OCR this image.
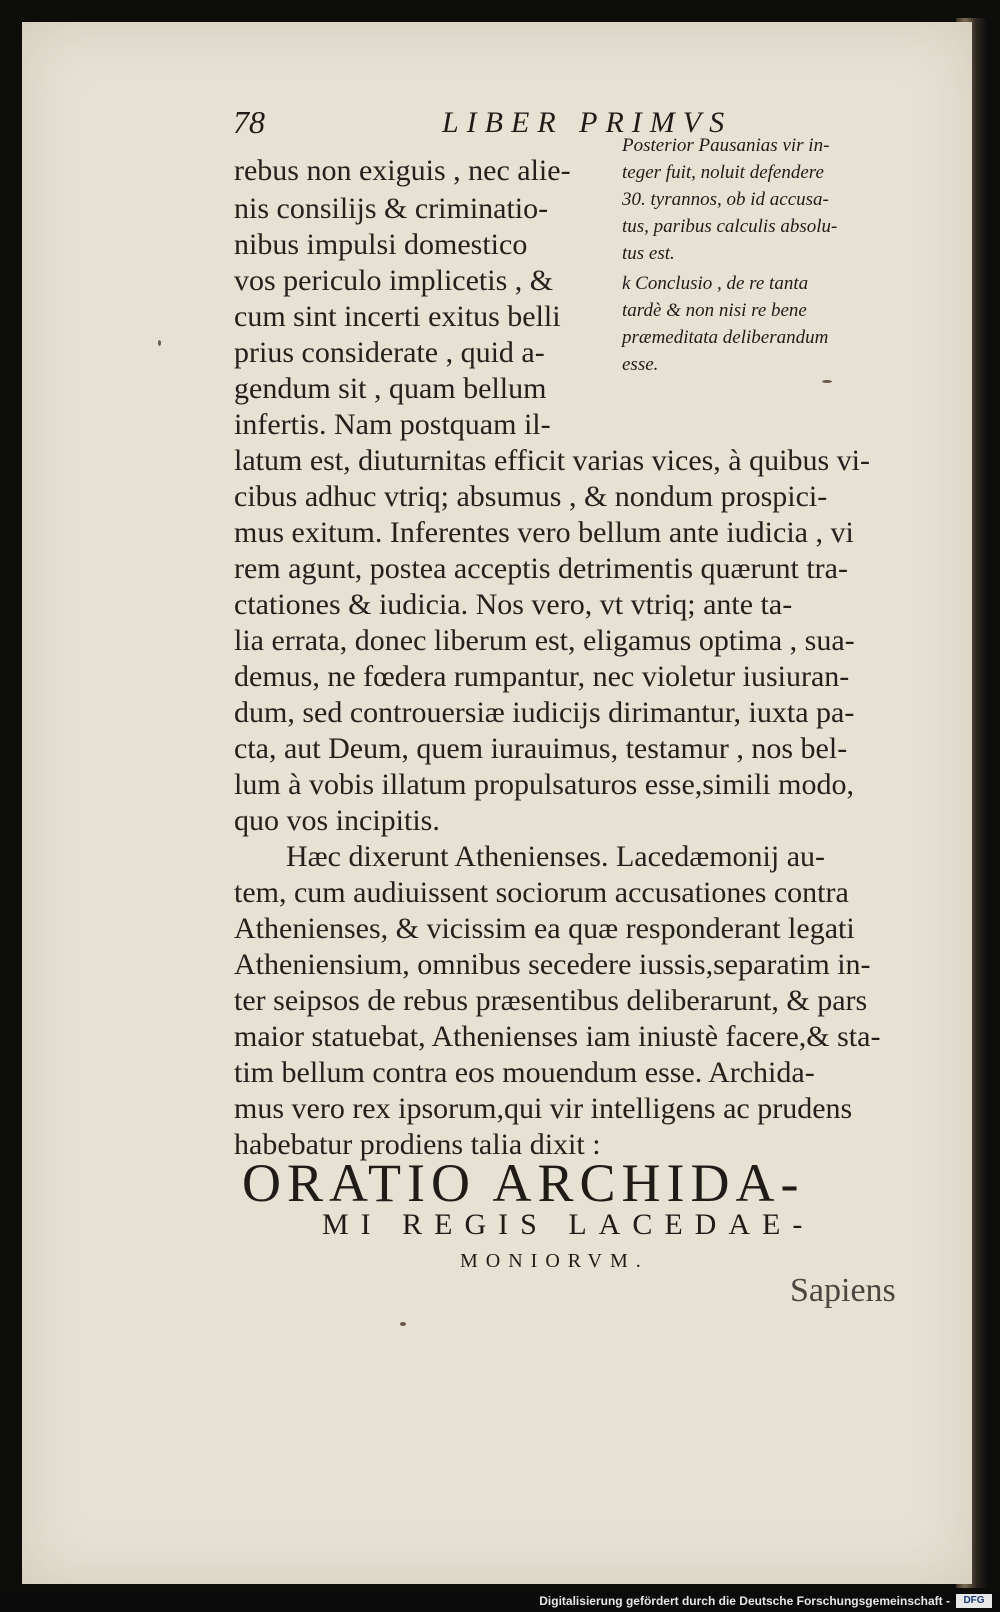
78	LIBER PRIMVS
rebus non exiguis , nec alie-
nis consilijs & criminatio-
nibus impulsi domestico
vos periculo implicetis , &
cum sint incerti exitus belli
prius considerate , quid a-
gendum sit , quam bellum
infertis. Nam postquam il-
latum est, diuturnitas efficit varias vices, à quibus vi-
cibus adhuc vtriq; absumus , & nondum prospici-
mus exitum. Inferentes vero bellum ante iudicia , vi
rem agunt, postea acceptis detrimentis quærunt tra-
ctationes & iudicia. Nos vero, vt vtriq; ante ta-
lia errata, donec liberum est, eligamus optima , sua-
demus, ne fœdera rumpantur, nec violetur iusiuran-
dum, sed controuersiæ iudicijs dirimantur, iuxta pa-
cta, aut Deum, quem iurauimus, testamur , nos bel-
lum à vobis illatum propulsaturos esse,simili modo,
quo vos incipitis.
Hæc dixerunt Athenienses. Lacedæmonij au-
tem, cum audiuissent sociorum accusationes contra
Athenienses, & vicissim ea quæ responderant legati
Atheniensium, omnibus secedere iussis,separatim in-
ter seipsos de rebus præsentibus deliberarunt, & pars
maior statuebat, Athenienses iam iniustè facere,& sta-
tim bellum contra eos mouendum esse. Archida-
mus vero rex ipsorum,qui vir intelligens ac prudens
habebatur prodiens talia dixit :
Posterior Pausanias vir in-
teger fuit, noluit defendere
30. tyrannos, ob id accusa-
tus, paribus calculis absolu-
tus est.
k Conclusio , de re tanta
tardè & non nisi re bene
præmeditata deliberandum
esse.
ORATIO ARCHIDA-
MI REGIS LACEDAE-
MONIORVM.
Sapiens
Digitalisierung gefördert durch die Deutsche Forschungsgemeinschaft -	DFG
